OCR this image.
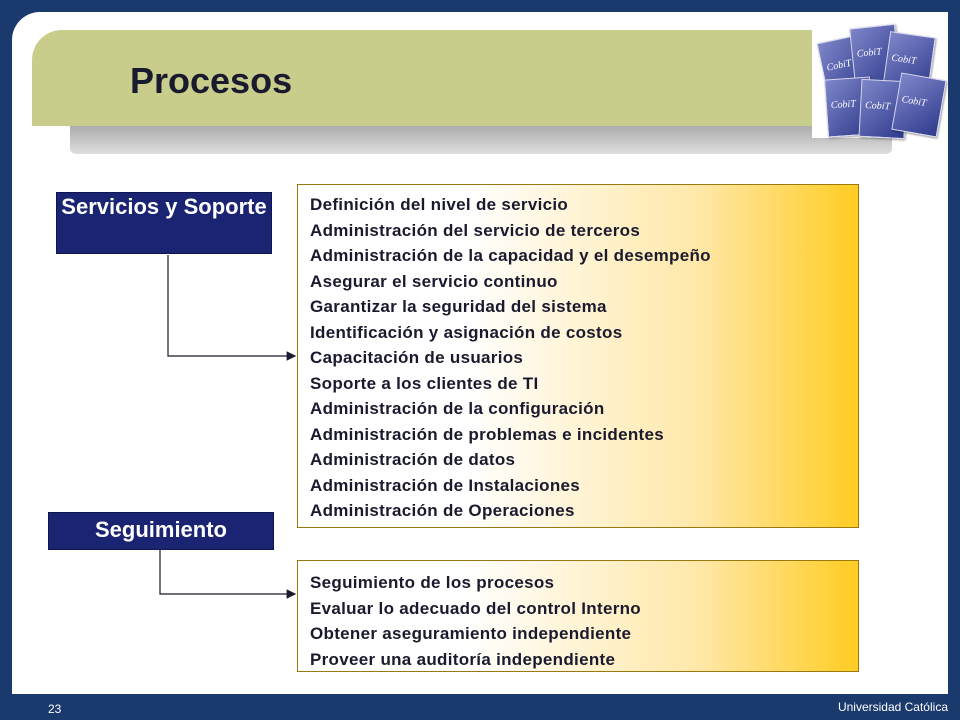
Procesos	CobiT
CobiT CobiT
CobiT CobiT CobiT
Servicios y Soporte
Seguimiento
Definición del nivel de servicio
Administración del servicio de terceros
Administración de la capacidad y el desempeño
Asegurar el servicio continuo
Garantizar la seguridad del sistema
Identificación y asignación de costos
Capacitación de usuarios
Soporte a los clientes de TI
Administración de la configuración
Administración de problemas e incidentes
Administración de datos
Administración de Instalaciones
Administración de Operaciones
Seguimiento de los procesos
Evaluar lo adecuado del control Interno
Obtener aseguramiento independiente
Proveer una auditoría independiente
23	Universidad Católica
